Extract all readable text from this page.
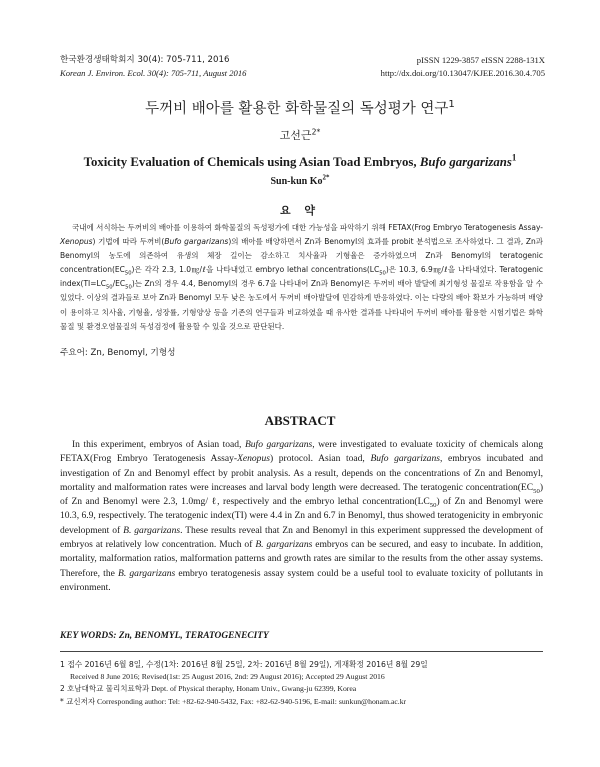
한국환경생태학회지 30(4): 705-711, 2016
Korean J. Environ. Ecol. 30(4): 705-711, August 2016
pISSN 1229-3857 eISSN 2288-131X
http://dx.doi.org/10.13047/KJEE.2016.30.4.705
두꺼비 배아를 활용한 화학물질의 독성평가 연구$^1$
고선근$^{2*}$
Toxicity Evaluation of Chemicals using Asian Toad Embryos, Bufo gargarizans$^1$
Sun-kun $Ko^{2*}$
요 약
국내에 서식하는 두꺼비의 배아를 이용하여 화학물질의 독성평가에 대한 가능성을 파악하기 위해 FETAX(Frog Embryo Teratogenesis Assay-Xenopus) 기법에 따라 두꺼비(Bufo gargarizans)의 배아를 배양하면서 Zn과 Benomyl의 효과를 probit 분석법으로 조사하였다. 그 결과, Zn과 Benomyl의 농도에 의존하여 유생의 체장 길이는 감소하고 치사율과 기형율은 증가하였으며 Zn과 Benomyl의 teratogenic $concentration(EC_{50})$은 각각 2.3, 1.0㎎/ℓ을 나타내었고 embryo lethal $concentrations(LC_{50})$은 10.3, 6.9㎎/ℓ을 나타내었다. Teratogenic $index(TI=LC_{50}/EC_{50})$는 Zn의 경우 4.4, Benomyl의 경우 6.7을 나타내어 Zn과 Benomyl은 두꺼비 배아 발달에 최기형성 물질로 작용함을 알 수 있었다. 이상의 결과들로 보아 Zn과 Benomyl 모두 낮은 농도에서 두꺼비 배아발달에 민감하게 반응하였다. 이는 다량의 배아 확보가 가능하며 배양이 용이하고 치사율, 기형율, 성장률, 기형양상 등을 기존의 연구들과 비교하였을 때 유사한 결과를 나타내어 두꺼비 배아를 활용한 시험기법은 화학물질 및 환경오염물질의 독성검정에 활용할 수 있을 것으로 판단된다.
주요어: Zn, Benomyl, 기형성
ABSTRACT
In this experiment, embryos of Asian toad, Bufo gargarizans, were investigated to evaluate toxicity of chemicals along FETAX(Frog Embryo Teratogenesis Assay-Xenopus) protocol. Asian toad, Bufo gargarizans, embryos incubated and investigation of Zn and Benomyl effect by probit analysis. As a result, depends on the concentrations of Zn and Benomyl, mortality and malformation rates were increases and larval body length were decreased. The teratogenic $concentration(EC_{50})$ of Zn and Benomyl were 2.3, 1.0mg/ ℓ, respectively and the embryo lethal $concentration(LC_{50})$ of Zn and Benomyl were 10.3, 6.9, respectively. The teratogenic index(TI) were 4.4 in Zn and 6.7 in Benomyl, thus showed teratogenicity in embryonic development of B. gargarizans. These results reveal that Zn and Benomyl in this experiment suppressed the development of embryos at relatively low concentration. Much of B. gargarizans embryos can be secured, and easy to incubate. In addition, mortality, malformation ratios, malformation patterns and growth rates are similar to the results from the other assay systems. Therefore, the B. gargarizans embryo teratogenesis assay system could be a useful tool to evaluate toxicity of pollutants in environment.
KEY WORDS: Zn, BENOMYL, TERATOGENECITY
1 접수 2016년 6월 8일, 수정(1차: 2016년 8월 25일, 2차: 2016년 8월 29일), 게재확정 2016년 8월 29일
Received 8 June 2016; Revised(1st: 25 August 2016, 2nd: 29 August 2016); Accepted 29 August 2016
2 호남대학교 물리치료학과 Dept. of Physical theraphy, Honam Univ., Gwang-ju 62399, Korea
* 교신저자 Corresponding author: Tel: +82-62-940-5432, Fax: +82-62-940-5196, E-mail: sunkun@honam.ac.kr
